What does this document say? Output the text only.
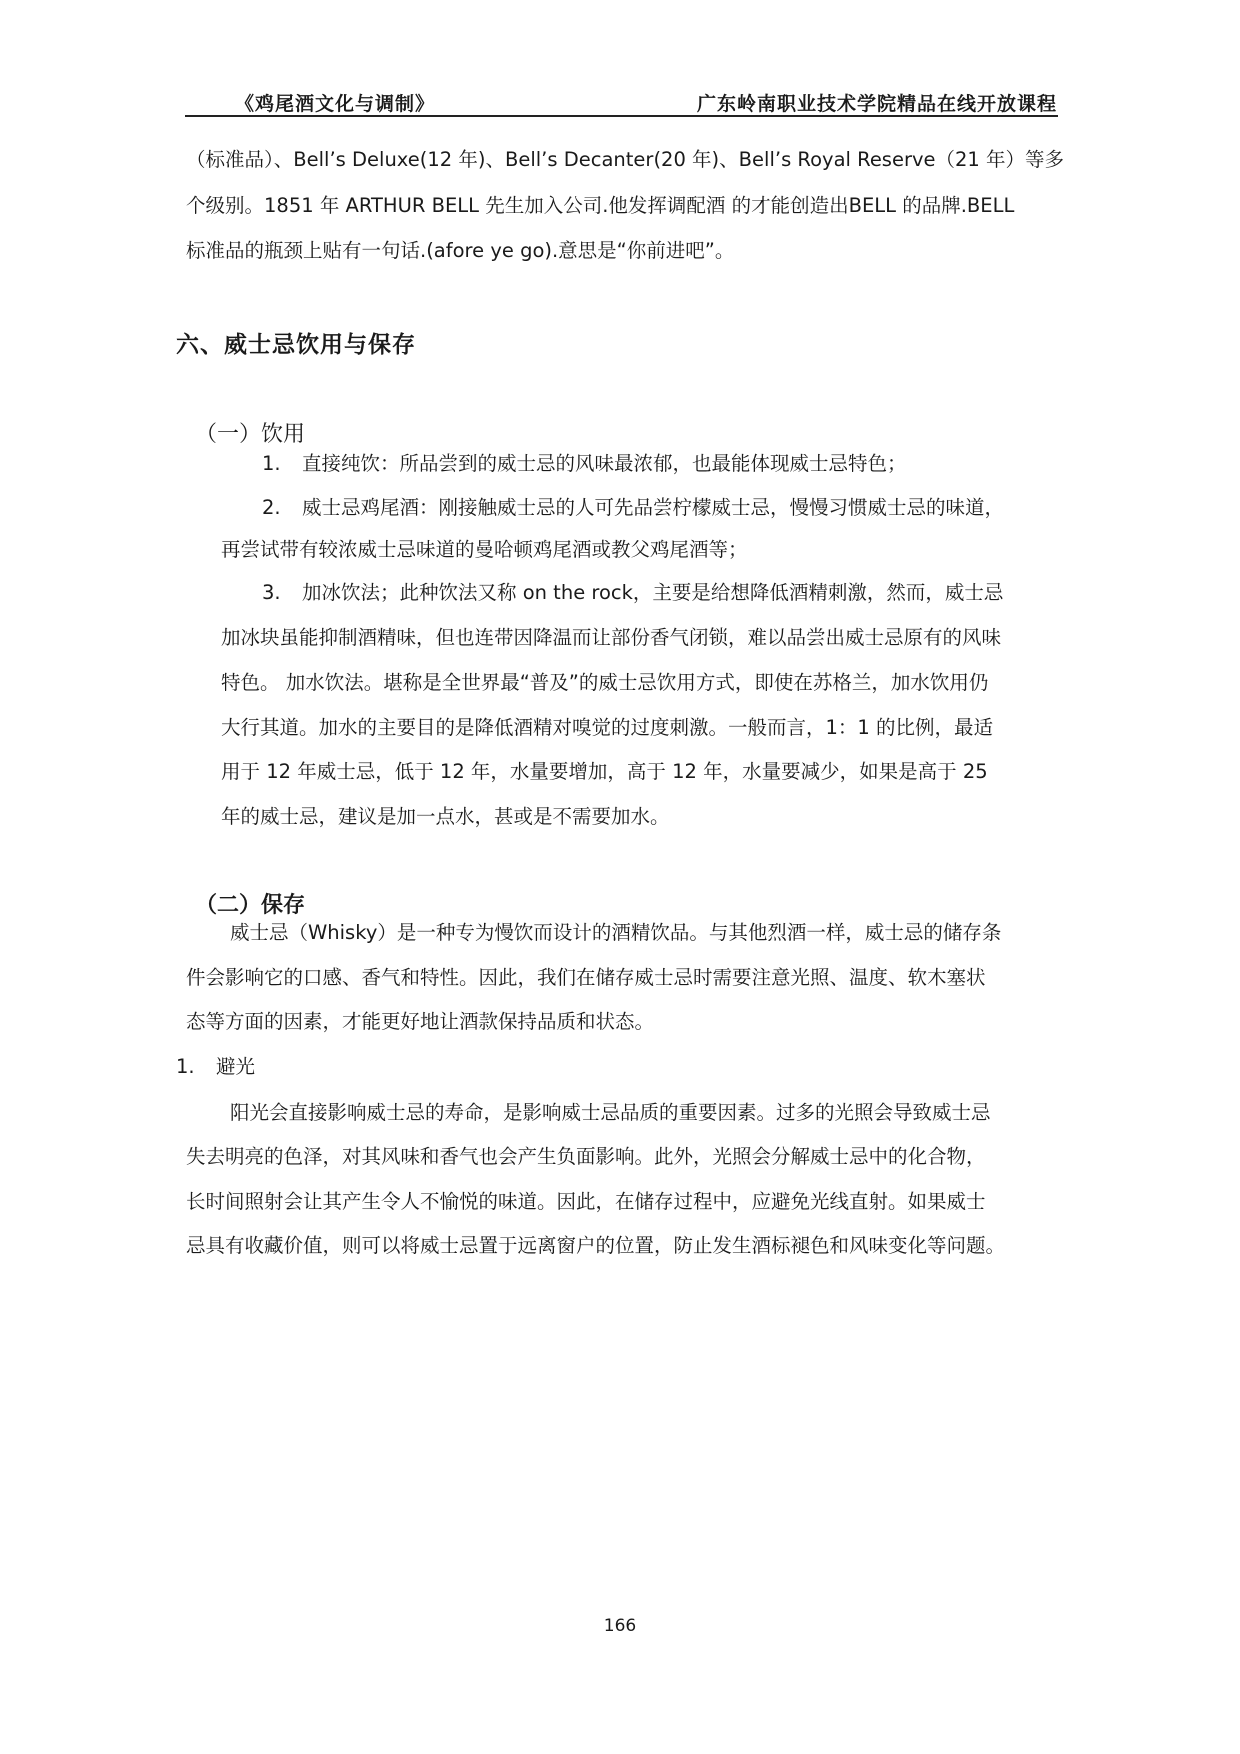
《鸡尾酒文化与调制》	广东岭南职业技术学院精品在线开放课程
（标准品）、Bell’s Deluxe(12 年)、Bell’s Decanter(20 年)、Bell’s Royal Reserve（21 年）等多
个级别。1851 年 ARTHUR BELL 先生加入公司.他发挥调配酒 的才能创造出BELL 的品牌.BELL
标准品的瓶颈上贴有一句话.(afore ye go).意思是“你前进吧”。
六、威士忌饮用与保存
（一）饮用
1. 直接纯饮：所品尝到的威士忌的风味最浓郁，也最能体现威士忌特色；
2. 威士忌鸡尾酒：刚接触威士忌的人可先品尝柠檬威士忌，慢慢习惯威士忌的味道，
再尝试带有较浓威士忌味道的曼哈顿鸡尾酒或教父鸡尾酒等；
3. 加冰饮法；此种饮法又称 on the rock，主要是给想降低酒精刺激，然而，威士忌
加冰块虽能抑制酒精味，但也连带因降温而让部份香气闭锁，难以品尝出威士忌原有的风味
特色。 加水饮法。堪称是全世界最“普及”的威士忌饮用方式，即使在苏格兰，加水饮用仍
大行其道。加水的主要目的是降低酒精对嗅觉的过度刺激。一般而言，1：1 的比例，最适
用于 12 年威士忌，低于 12 年，水量要增加，高于 12 年，水量要减少，如果是高于 25
年的威士忌，建议是加一点水，甚或是不需要加水。
（二）保存
威士忌（Whisky）是一种专为慢饮而设计的酒精饮品。与其他烈酒一样，威士忌的储存条
件会影响它的口感、香气和特性。因此，我们在储存威士忌时需要注意光照、温度、软木塞状
态等方面的因素，才能更好地让酒款保持品质和状态。
1. 避光
阳光会直接影响威士忌的寿命，是影响威士忌品质的重要因素。过多的光照会导致威士忌
失去明亮的色泽，对其风味和香气也会产生负面影响。此外，光照会分解威士忌中的化合物，
长时间照射会让其产生令人不愉悦的味道。因此，在储存过程中，应避免光线直射。如果威士
忌具有收藏价值，则可以将威士忌置于远离窗户的位置，防止发生酒标褪色和风味变化等问题。
166
